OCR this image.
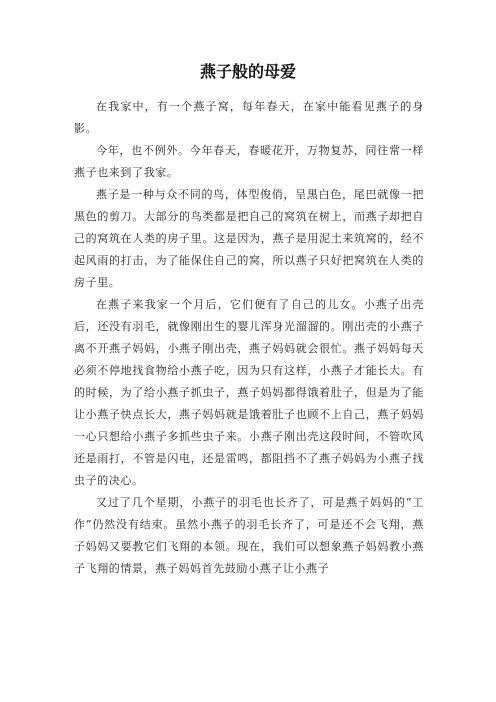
燕子般的母爱

在我家中，有一个燕子窝，每年春天，在家中能看见燕子的身影。

今年，也不例外。今年春天，春暖花开，万物复苏，同往常一样燕子也来到了我家。

燕子是一种与众不同的鸟，体型俊俏，呈黑白色，尾巴就像一把黑色的剪刀。大部分的鸟类都是把自己的窝筑在树上，而燕子却把自己的窝筑在人类的房子里。这是因为，燕子是用泥土来筑窝的，经不起风雨的打击，为了能保住自己的窝，所以燕子只好把窝筑在人类的房子里。

在燕子来我家一个月后，它们便有了自己的儿女。小燕子出壳后，还没有羽毛，就像刚出生的婴儿浑身光溜溜的。刚出壳的小燕子离不开燕子妈妈，小燕子刚出壳，燕子妈妈就会很忙。燕子妈妈每天必须不停地找食物给小燕子吃，因为只有这样，小燕子才能长大。有的时候，为了给小燕子抓虫子，燕子妈妈都得饿着肚子，但是为了能让小燕子快点长大，燕子妈妈就是饿着肚子也顾不上自己，燕子妈妈一心只想给小燕子多抓些虫子来。小燕子刚出壳这段时间，不管吹风还是雨打，不管是闪电，还是雷鸣，都阻挡不了燕子妈妈为小燕子找虫子的决心。

又过了几个星期，小燕子的羽毛也长齐了，可是燕子妈妈的“工作”仍然没有结束。虽然小燕子的羽毛长齐了，可是还不会飞翔，燕子妈妈又要教它们飞翔的本领。现在，我们可以想象燕子妈妈教小燕子飞翔的情景，燕子妈妈首先鼓励小燕子让小燕子
